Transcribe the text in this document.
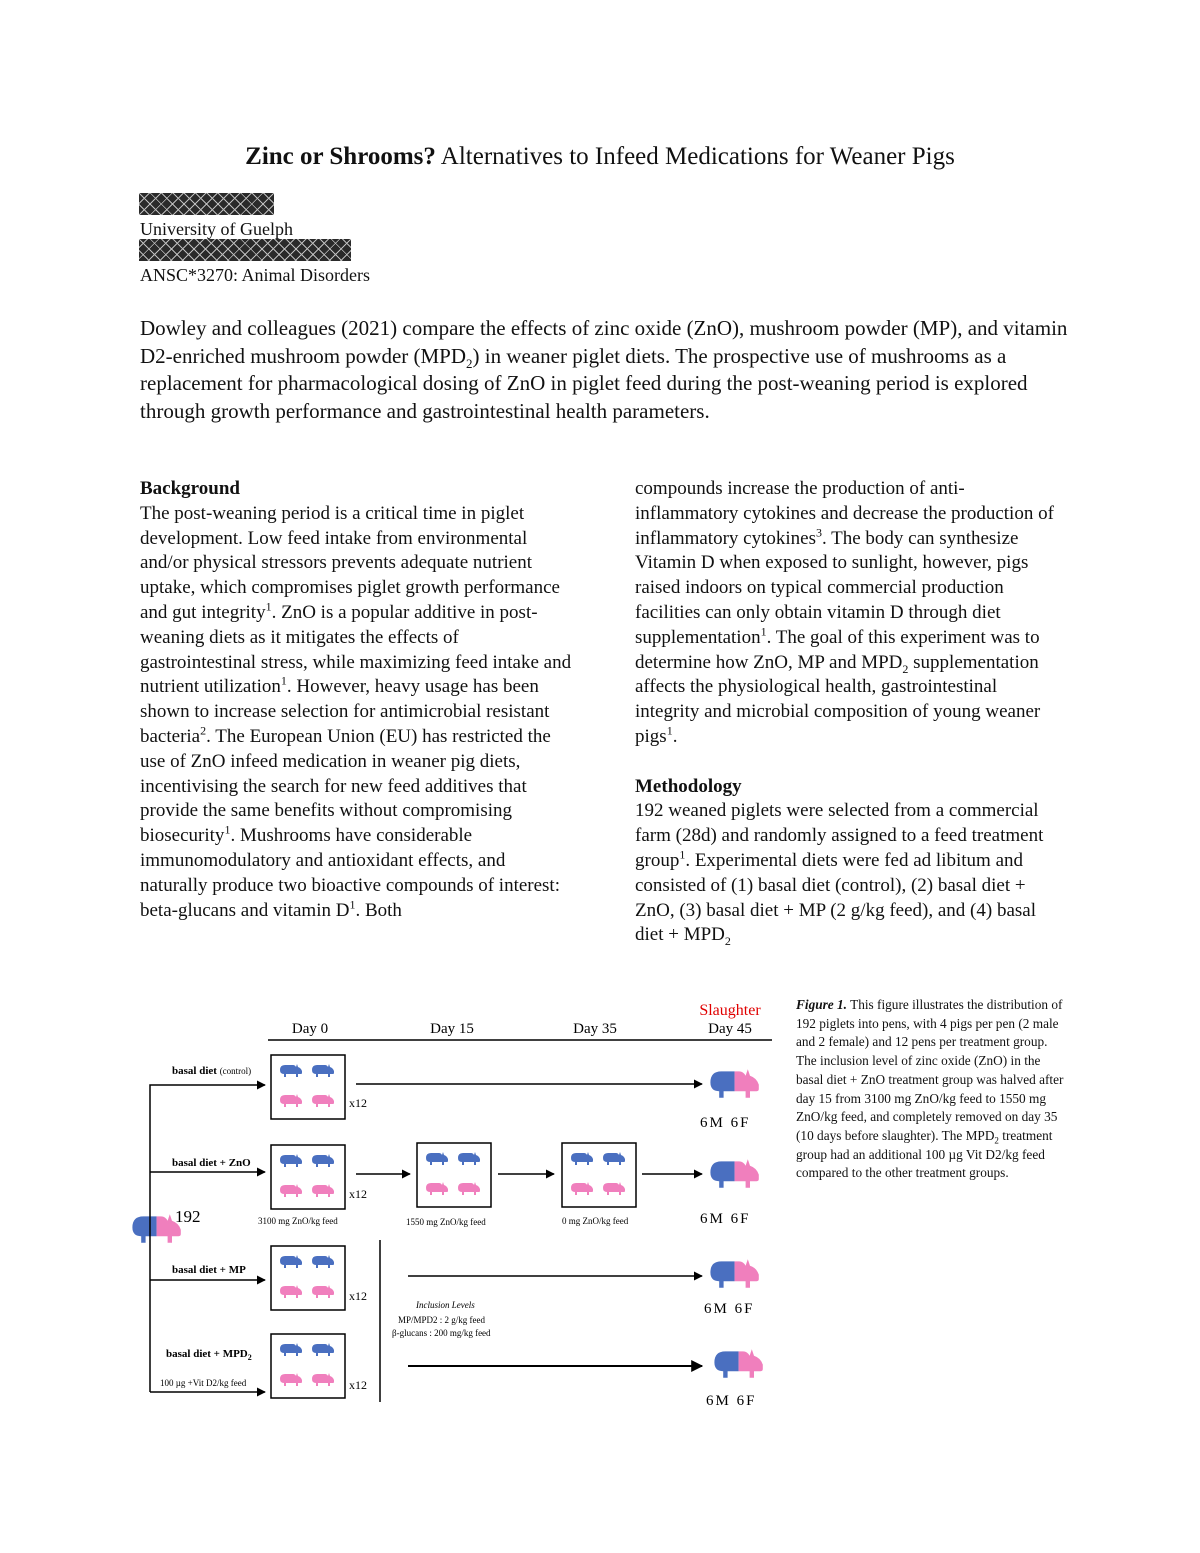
Zinc or Shrooms? Alternatives to Infeed Medications for Weaner Pigs
University of Guelph
ANSC*3270: Animal Disorders
Dowley and colleagues (2021) compare the effects of zinc oxide (ZnO), mushroom powder (MP), and vitamin D2-enriched mushroom powder $(MPD_2)$ in weaner piglet diets. The prospective use of mushrooms as a replacement for pharmacological dosing of ZnO in piglet feed during the post-weaning period is explored through growth performance and gastrointestinal health parameters.
Background

The post-weaning period is a critical time in piglet development. Low feed intake from environmental and/or physical stressors prevents adequate nutrient uptake, which compromises piglet growth performance and gut integrity$^1$. ZnO is a popular additive in post-weaning diets as it mitigates the effects of gastrointestinal stress, while maximizing feed intake and nutrient utilization$^1$. However, heavy usage has been shown to increase selection for antimicrobial resistant bacteria$^2$. The European Union (EU) has restricted the use of ZnO infeed medication in weaner pig diets, incentivising the search for new feed additives that provide the same benefits without compromising biosecurity$^1$. Mushrooms have considerable immunomodulatory and antioxidant effects, and naturally produce two bioactive compounds of interest: beta-glucans and vitamin $D^1$. Both

compounds increase the production of anti-inflammatory cytokines and decrease the production of inflammatory cytokines$^3$. The body can synthesize Vitamin D when exposed to sunlight, however, pigs raised indoors on typical commercial production facilities can only obtain vitamin D through diet supplementation$^1$. The goal of this experiment was to determine how ZnO, MP and $MPD_2$ supplementation affects the physiological health, gastrointestinal integrity and microbial composition of young weaner pigs$^1$.

Methodology

192 weaned piglets were selected from a commercial farm (28d) and randomly assigned to a feed treatment group$^1$. Experimental diets were fed ad libitum and consisted of (1) basal diet (control), (2) basal diet + ZnO, (3) basal diet + MP (2 g/kg feed), and (4) basal diet + $MPD_2$

Slaughter
Day 0	Day 15	Day 35	Day 45
192
basal diet (control)
basal diet + ZnO
basal diet + MP
basal diet + $MPD_2$
100 µg +Vit D2/kg feed
x12
6M 6F
x12
6M 6F
3100 mg ZnO/kg feed	1550 mg ZnO/kg feed	0 mg ZnO/kg feed
x12
6M 6F
Inclusion Levels
MP/MPD2 : 2 g/kg feed
β-glucans : 200 mg/kg feed
x12
6M 6F
Figure 1. This figure illustrates the distribution of 192 piglets into pens, with 4 pigs per pen (2 male and 2 female) and 12 pens per treatment group. The inclusion level of zinc oxide (ZnO) in the basal diet + ZnO treatment group was halved after day 15 from 3100 mg ZnO/kg feed to 1550 mg ZnO/kg feed, and completely removed on day 35 (10 days before slaughter). The $MPD_2$ treatment group had an additional 100 µg Vit D2/kg feed compared to the other treatment groups.
